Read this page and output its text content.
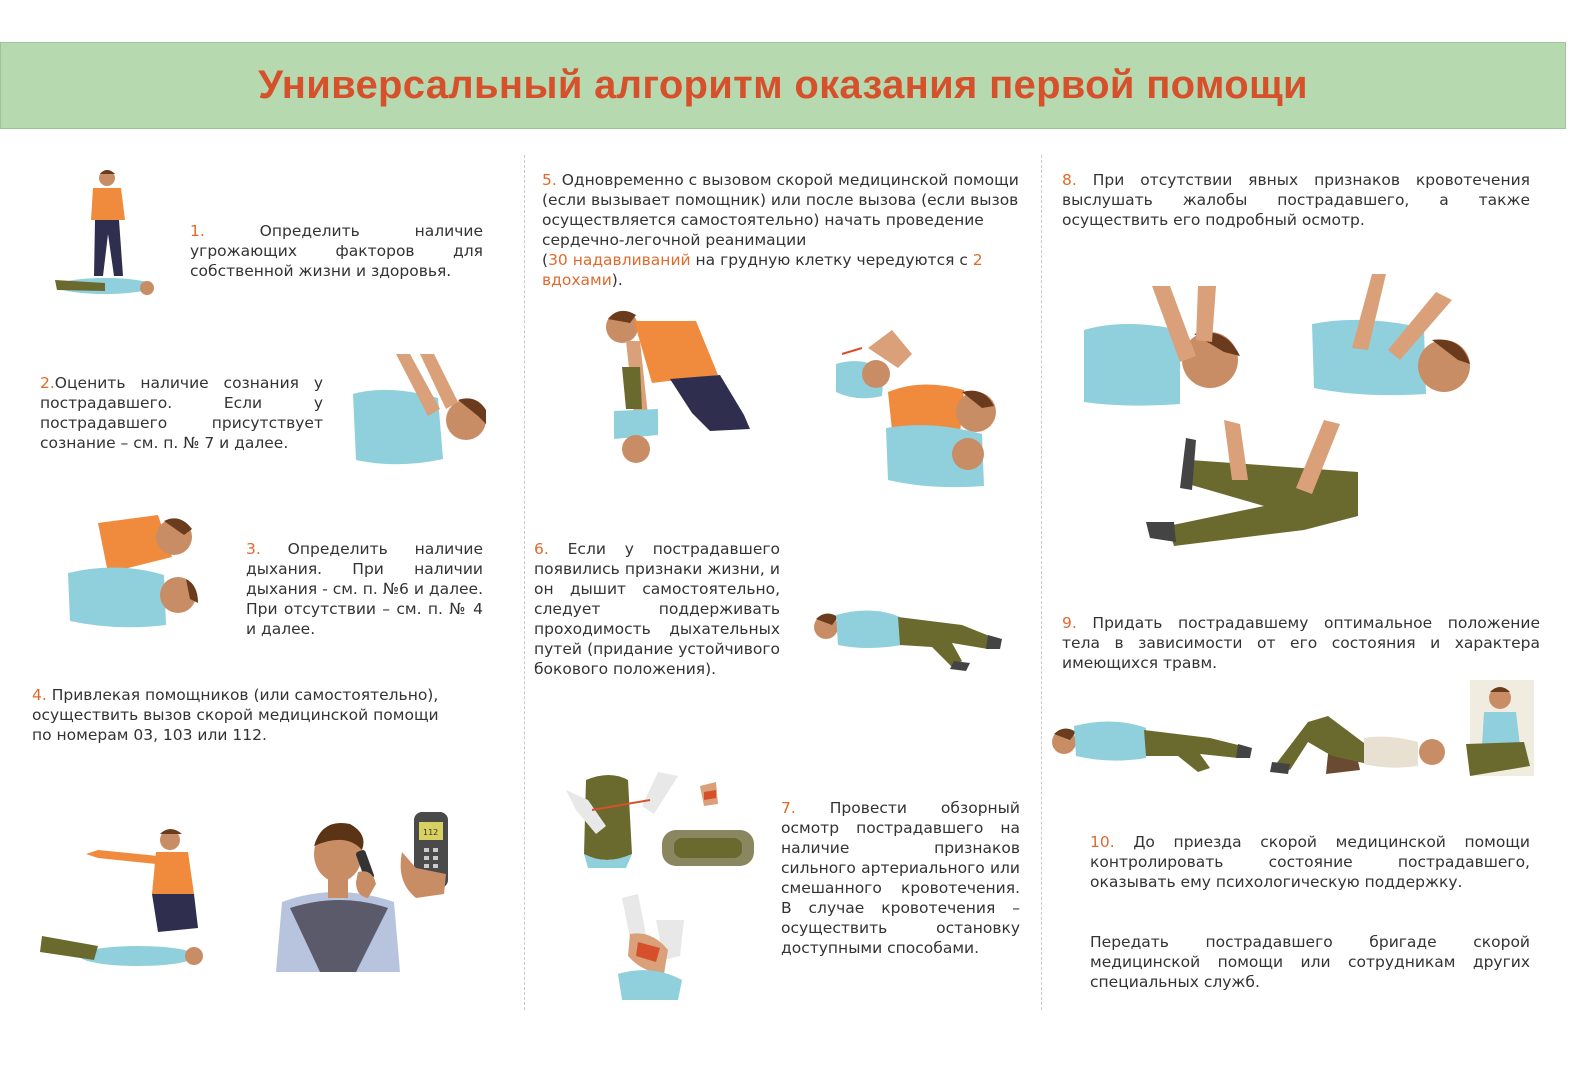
Универсальный алгоритм оказания первой помощи

1.	Определить наличие угрожающих факторов для собственной жизни и здоровья.

2.Оценить наличие сознания у пострадавшего. Если у пострадавшего присутствует сознание – см. п. № 7 и далее.

3. Определить наличие дыхания. При наличии дыхания - см. п. №6 и далее. При отсутствии – см. п. № 4 и далее.

4. Привлекая помощников (или самостоятельно), осуществить вызов скорой медицинской помощи по номерам 03, 103 или 112.

112

5. Одновременно с вызовом скорой медицинской помощи (если вызывает помощник) или после вызова (если вызов осуществляется самостоятельно) начать проведение сердечно-легочной реанимации
(30 надавливаний на грудную клетку чередуются с 2 вдохами).

6. Если у пострадавшего появились признаки жизни, и он дышит самостоятельно, следует поддерживать проходимость дыхательных путей (придание устойчивого бокового положения).

7. Провести обзорный осмотр пострадавшего на наличие признаков сильного артериального или смешанного кровотечения. В случае кровотечения – осуществить остановку доступными способами.

8. При отсутствии явных признаков кровотечения выслушать жалобы пострадавшего, а также осуществить его подробный осмотр.

9. Придать пострадавшему оптимальное положение тела в зависимости от его состояния и характера имеющихся травм.

10. До приезда скорой медицинской помощи контролировать состояние пострадавшего, оказывать ему психологическую поддержку.

Передать пострадавшего бригаде скорой медицинской помощи или сотрудникам других специальных служб.
